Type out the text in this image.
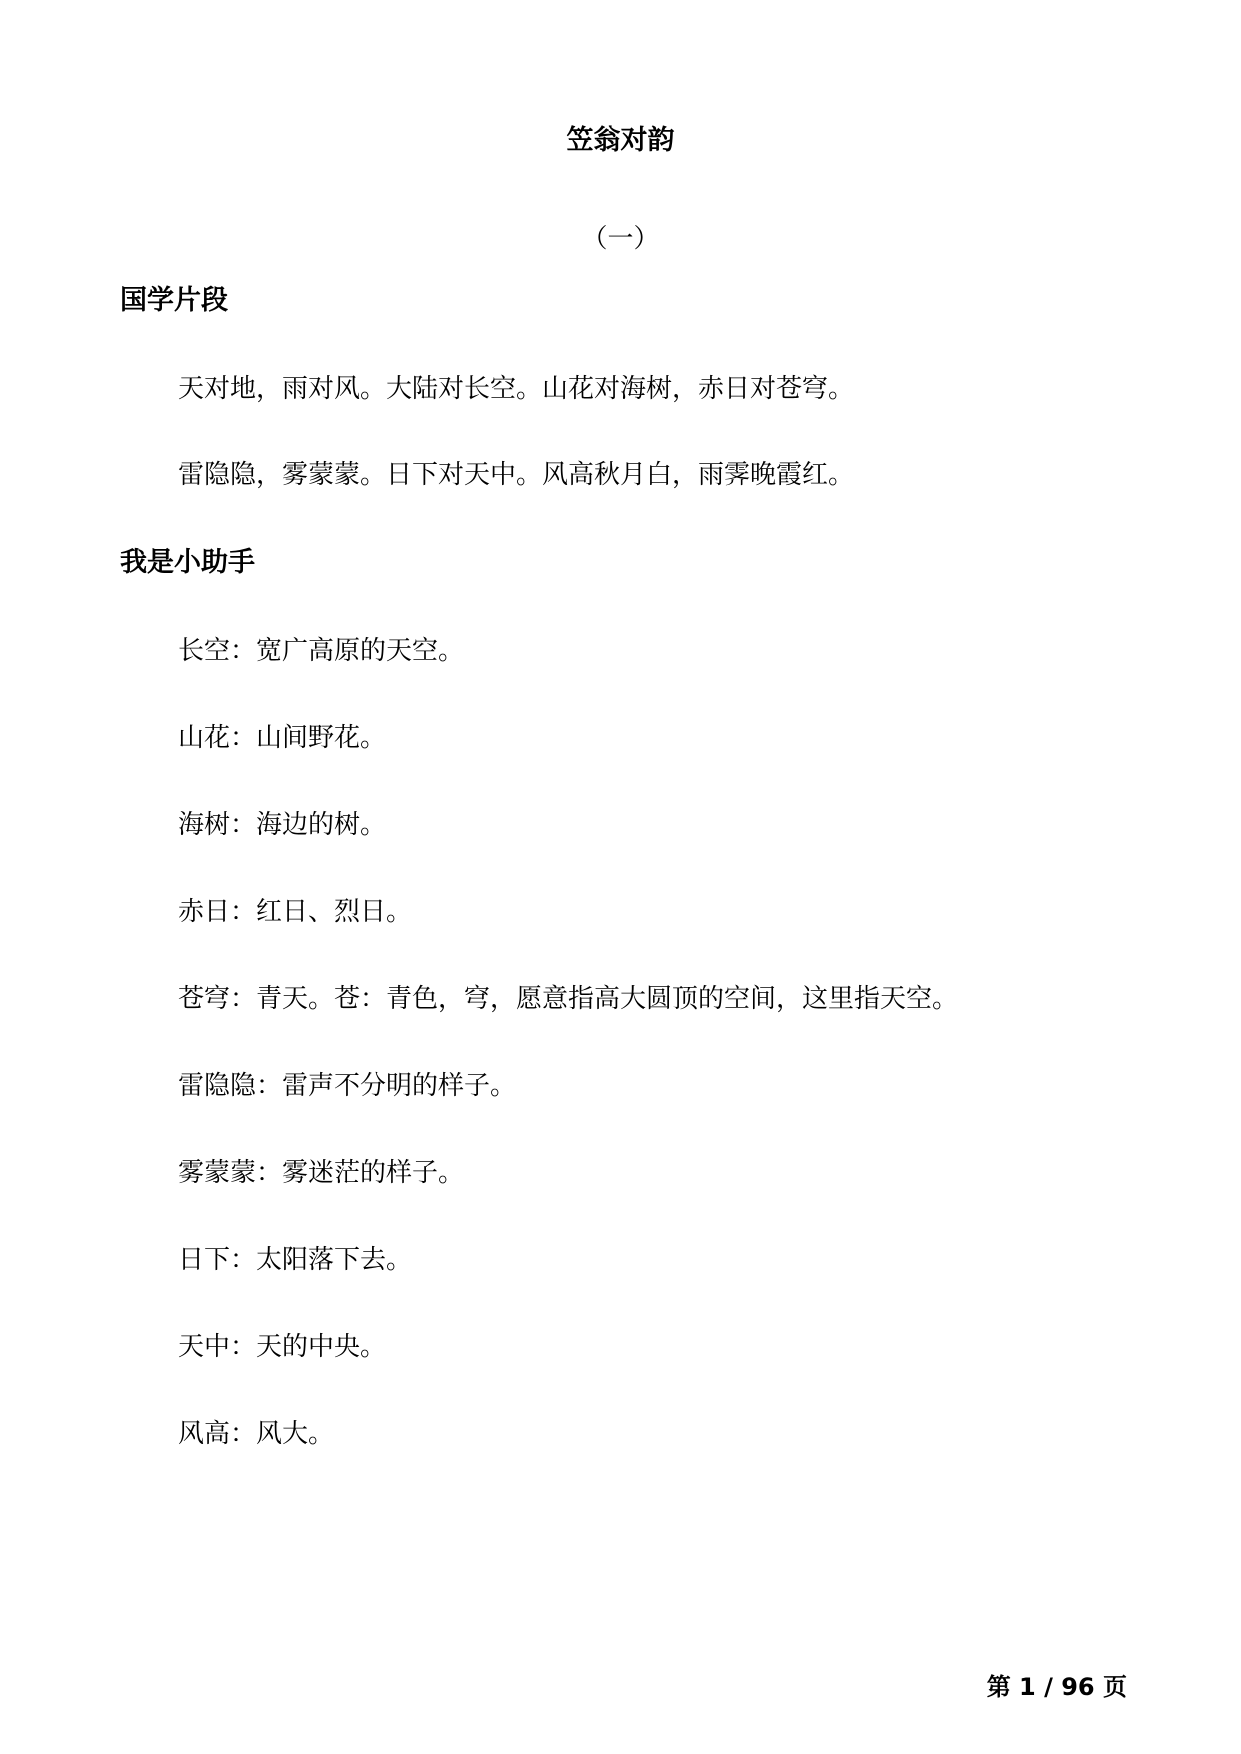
笠翁对韵
（一）
国学片段
天对地，雨对风。大陆对长空。山花对海树，赤日对苍穹。
雷隐隐，雾蒙蒙。日下对天中。风高秋月白，雨霁晚霞红。
我是小助手
长空：宽广高原的天空。
山花：山间野花。
海树：海边的树。
赤日：红日、烈日。
苍穹：青天。苍：青色，穹，愿意指高大圆顶的空间，这里指天空。
雷隐隐：雷声不分明的样子。
雾蒙蒙：雾迷茫的样子。
日下：太阳落下去。
天中：天的中央。
风高：风大。
第 1 / 96 页
